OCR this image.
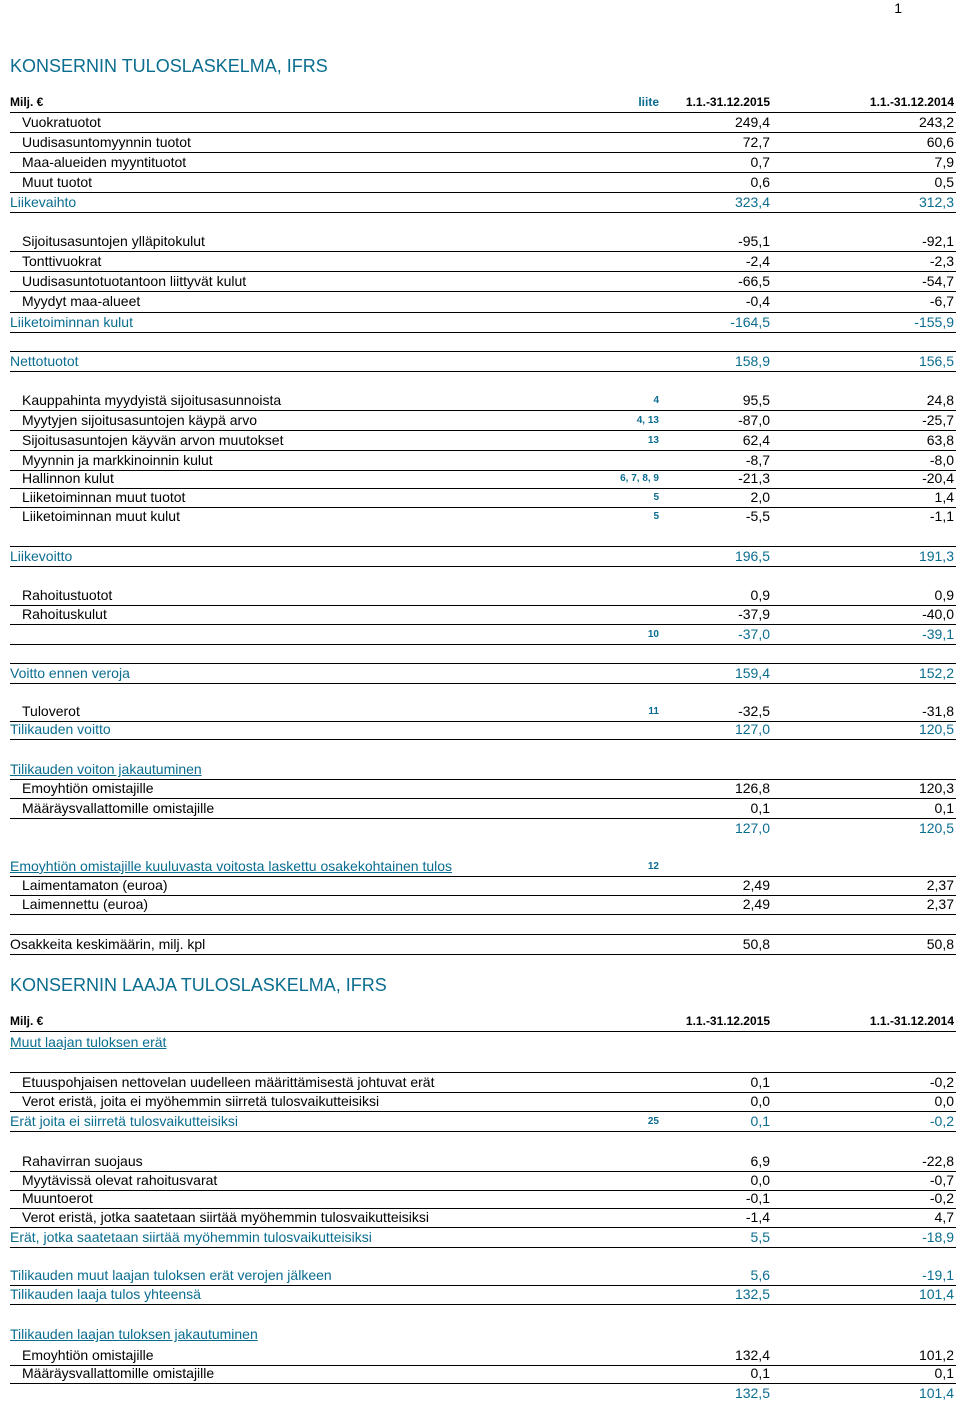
1
KONSERNIN TULOSLASKELMA, IFRS
Milj. €	liite 1.1.-31.12.2015	1.1.-31.12.2014
Vuokratuotot	249,4	243,2
Uudisasuntomyynnin tuotot	72,7	60,6
Maa-alueiden myyntituotot	0,7	7,9
Muut tuotot	0,6	0,5
Liikevaihto	323,4	312,3
Sijoitusasuntojen ylläpitokulut	-95,1	-92,1
Tonttivuokrat	-2,4	-2,3
Uudisasuntotuotantoon liittyvät kulut	-66,5	-54,7
Myydyt maa-alueet	-0,4	-6,7
Liiketoiminnan kulut	-164,5	-155,9
Nettotuotot	158,9	156,5
Kauppahinta myydyistä sijoitusasunnoista	4	95,5	24,8
Myytyjen sijoitusasuntojen käypä arvo	4, 13	-87,0	-25,7
Sijoitusasuntojen käyvän arvon muutokset	13	62,4	63,8
Myynnin ja markkinoinnin kulut	-8,7	-8,0
Hallinnon kulut	6, 7, 8, 9	-21,3	-20,4
Liiketoiminnan muut tuotot	5	2,0	1,4
Liiketoiminnan muut kulut	5	-5,5	-1,1
Liikevoitto	196,5	191,3
Rahoitustuotot	0,9	0,9
Rahoituskulut	-37,9	-40,0
10	-37,0	-39,1
Voitto ennen veroja	159,4	152,2
Tuloverot	11	-32,5	-31,8
Tilikauden voitto	127,0	120,5
Tilikauden voiton jakautuminen
Emoyhtiön omistajille	126,8	120,3
Määräysvallattomille omistajille	0,1	0,1
127,0	120,5
Emoyhtiön omistajille kuuluvasta voitosta laskettu osakekohtainen tulos	12
Laimentamaton (euroa)	2,49	2,37
Laimennettu (euroa)	2,49	2,37
Osakkeita keskimäärin, milj. kpl	50,8	50,8
KONSERNIN LAAJA TULOSLASKELMA, IFRS
Milj. €	1.1.-31.12.2015	1.1.-31.12.2014
Muut laajan tuloksen erät
Etuuspohjaisen nettovelan uudelleen määrittämisestä johtuvat erät	0,1	-0,2
Verot eristä, joita ei myöhemmin siirretä tulosvaikutteisiksi	0,0	0,0
Erät joita ei siirretä tulosvaikutteisiksi	25	0,1	-0,2
Rahavirran suojaus	6,9	-22,8
Myytävissä olevat rahoitusvarat	0,0	-0,7
Muuntoerot	-0,1	-0,2
Verot eristä, jotka saatetaan siirtää myöhemmin tulosvaikutteisiksi	-1,4	4,7
Erät, jotka saatetaan siirtää myöhemmin tulosvaikutteisiksi	5,5	-18,9
Tilikauden muut laajan tuloksen erät verojen jälkeen	5,6	-19,1
Tilikauden laaja tulos yhteensä	132,5	101,4
Tilikauden laajan tuloksen jakautuminen
Emoyhtiön omistajille	132,4	101,2
Määräysvallattomille omistajille	0,1	0,1
132,5	101,4
